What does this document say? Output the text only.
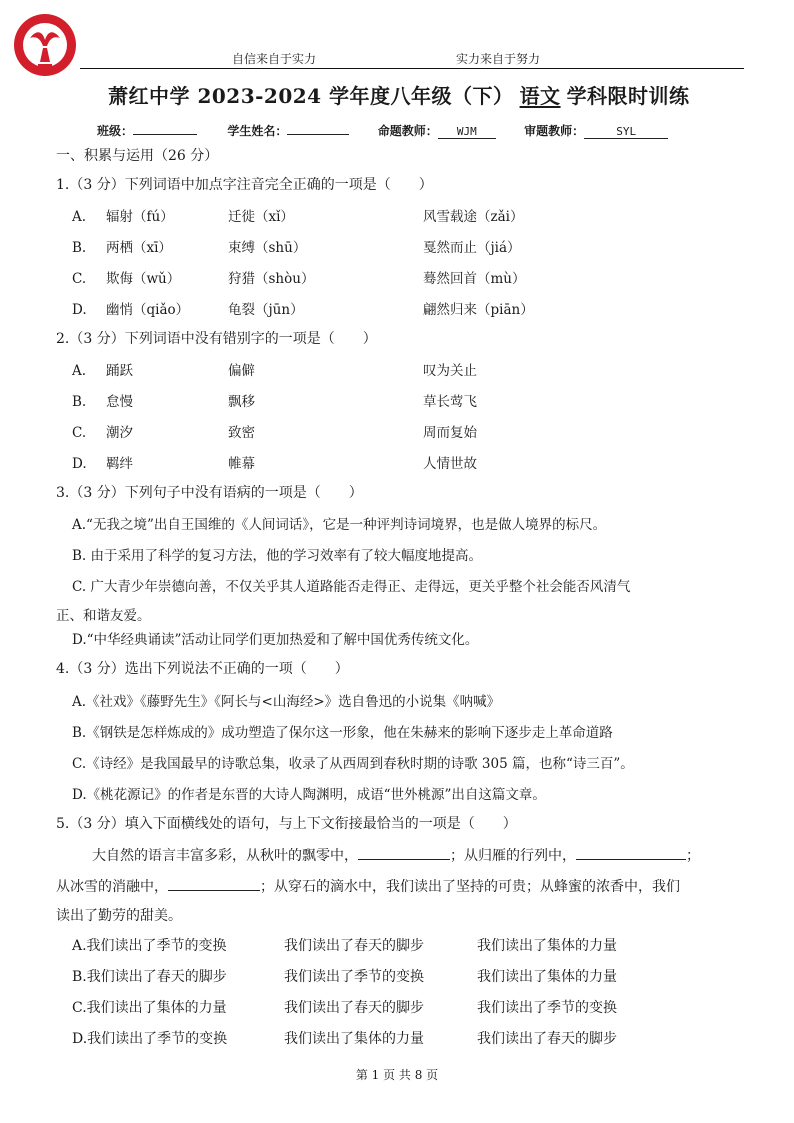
自信来自于实力	实力来自于努力
萧红中学 2023-2024 学年度八年级（下） 语文 学科限时训练
班级：	学生姓名：	命题教师： WJM	审题教师：	SYL
一、积累与运用（26 分）
1.（3 分）下列词语中加点字注音完全正确的一项是（　　）
A. 辐射（fú）	迁徙（xǐ）	风雪载途（zǎi）
B. 两栖（xī）	束缚（shū）	戛然而止（jiá）
C. 欺侮（wǔ）	狩猎（shòu）	蓦然回首（mù）
D. 幽悄（qiǎo）	龟裂（jūn）	翩然归来（piān）
2.（3 分）下列词语中没有错别字的一项是（　　）
A. 踊跃	偏僻	叹为关止
B. 怠慢	飘移	草长莺飞
C. 潮汐	致密	周而复始
D. 羁绊	帷幕	人情世故
3.（3 分）下列句子中没有语病的一项是（　　）
A.“无我之境”出自王国维的《人间词话》，它是一种评判诗词境界，也是做人境界的标尺。
B. 由于采用了科学的复习方法，他的学习效率有了较大幅度地提高。
C. 广大青少年崇德向善，不仅关乎其人道路能否走得正、走得远，更关乎整个社会能否风清气
正、和谐友爱。
D.“中华经典诵读”活动让同学们更加热爱和了解中国优秀传统文化。
4.（3 分）选出下列说法不正确的一项（　　）
A.《社戏》《藤野先生》《阿长与<山海经>》选自鲁迅的小说集《呐喊》
B.《钢铁是怎样炼成的》成功塑造了保尔这一形象，他在朱赫来的影响下逐步走上革命道路
C.《诗经》是我国最早的诗歌总集，收录了从西周到春秋时期的诗歌 305 篇，也称“诗三百”。
D.《桃花源记》的作者是东晋的大诗人陶渊明，成语“世外桃源”出自这篇文章。
5.（3 分）填入下面横线处的语句，与上下文衔接最恰当的一项是（　　）
大自然的语言丰富多彩，从秋叶的飘零中，	；从归雁的行列中，	；
从冰雪的消融中，	；从穿石的滴水中，我们读出了坚持的可贵；从蜂蜜的浓香中，我们
读出了勤劳的甜美。
A.我们读出了季节的变换	我们读出了春天的脚步	我们读出了集体的力量
B.我们读出了春天的脚步	我们读出了季节的变换	我们读出了集体的力量
C.我们读出了集体的力量	我们读出了春天的脚步	我们读出了季节的变换
D.我们读出了季节的变换	我们读出了集体的力量	我们读出了春天的脚步
第 1 页 共 8 页
